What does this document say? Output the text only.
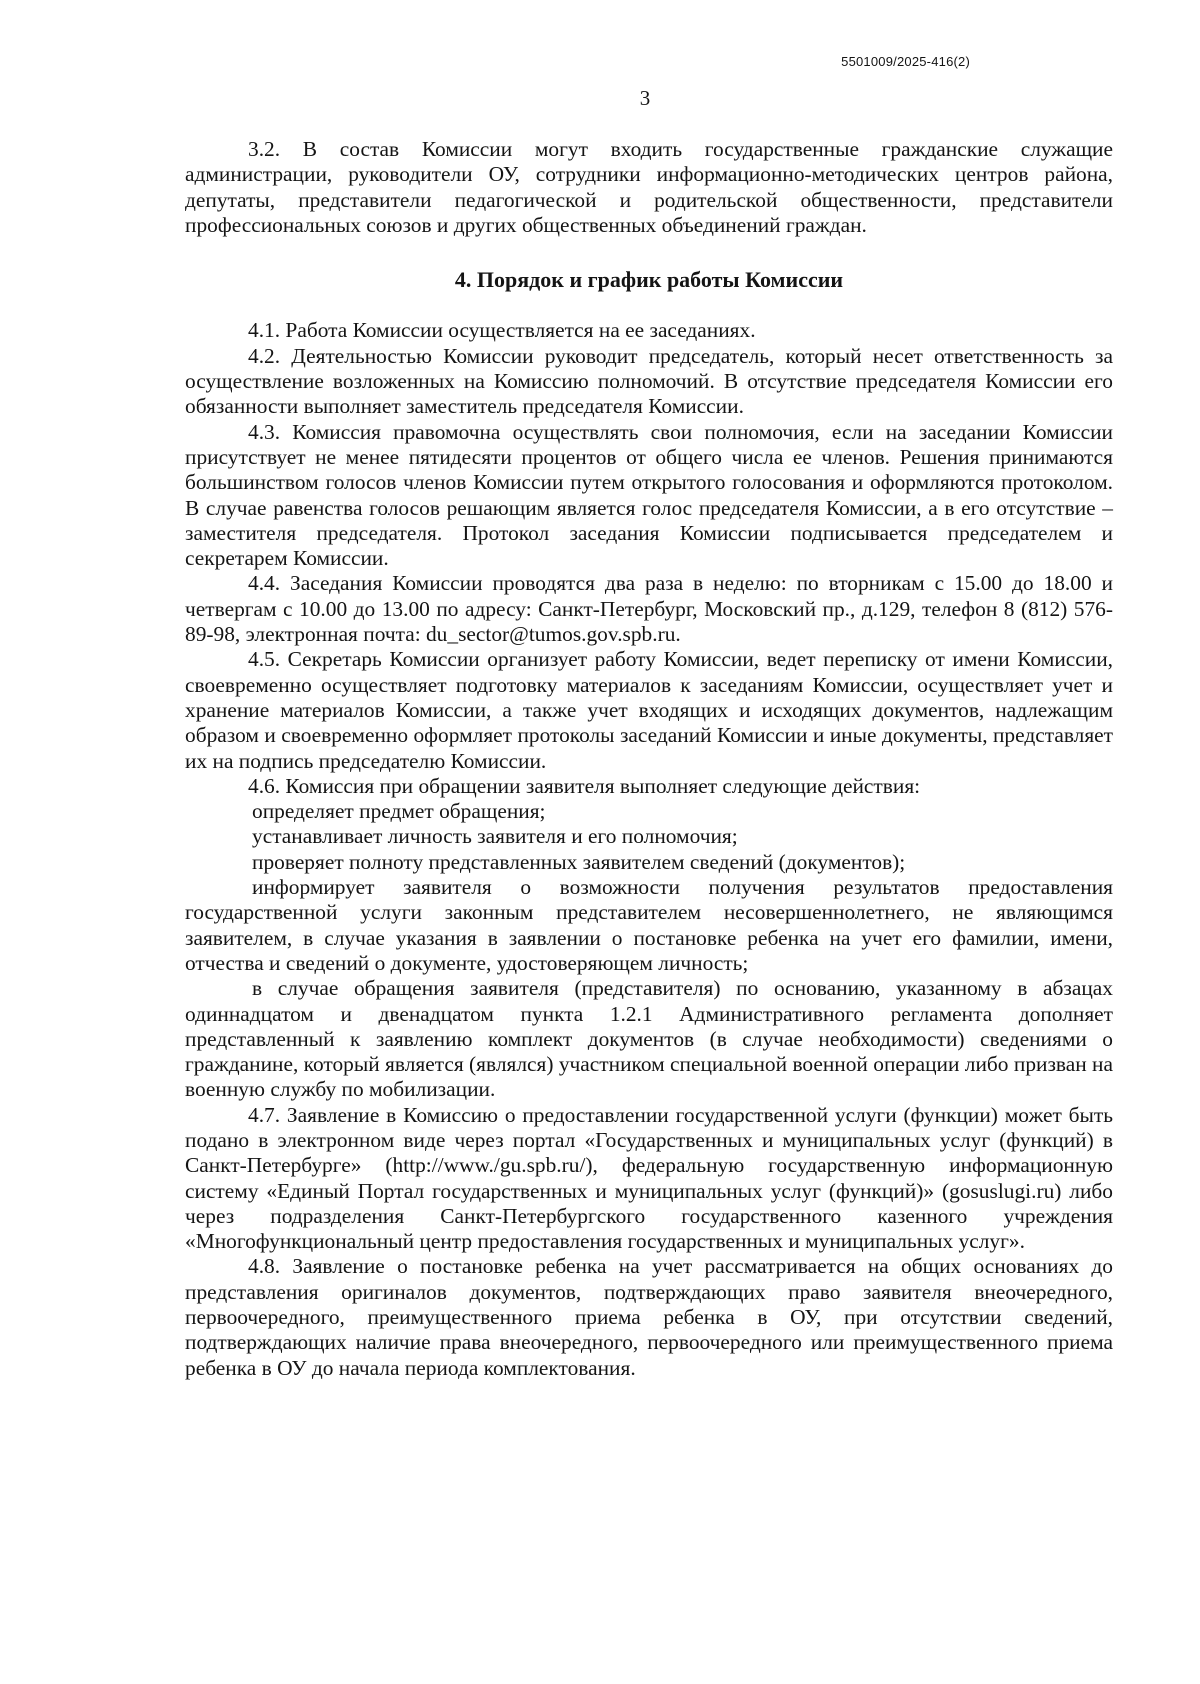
5501009/2025-416(2)
3

3.2. В состав Комиссии могут входить государственные гражданские служащие администрации, руководители ОУ, сотрудники информационно-методических центров района, депутаты, представители педагогической и родительской общественности, представители профессиональных союзов и других общественных объединений граждан.

4. Порядок и график работы Комиссии

4.1. Работа Комиссии осуществляется на ее заседаниях.

4.2. Деятельностью Комиссии руководит председатель, который несет ответственность за осуществление возложенных на Комиссию полномочий. В отсутствие председателя Комиссии его обязанности выполняет заместитель председателя Комиссии.

4.3. Комиссия правомочна осуществлять свои полномочия, если на заседании Комиссии присутствует не менее пятидесяти процентов от общего числа ее членов. Решения принимаются большинством голосов членов Комиссии путем открытого голосования и оформляются протоколом. В случае равенства голосов решающим является голос председателя Комиссии, а в его отсутствие – заместителя председателя. Протокол заседания Комиссии подписывается председателем и секретарем Комиссии.

4.4. Заседания Комиссии проводятся два раза в неделю: по вторникам с 15.00 до 18.00 и четвергам с 10.00 до 13.00 по адресу: Санкт-Петербург, Московский пр., д.129, телефон 8 (812) 576-89-98, электронная почта: du_sector@tumos.gov.spb.ru.

4.5. Секретарь Комиссии организует работу Комиссии, ведет переписку от имени Комиссии, своевременно осуществляет подготовку материалов к заседаниям Комиссии, осуществляет учет и хранение материалов Комиссии, а также учет входящих и исходящих документов, надлежащим образом и своевременно оформляет протоколы заседаний Комиссии и иные документы, представляет их на подпись председателю Комиссии.

4.6. Комиссия при обращении заявителя выполняет следующие действия:

определяет предмет обращения;

устанавливает личность заявителя и его полномочия;

проверяет полноту представленных заявителем сведений (документов);

информирует заявителя о возможности получения результатов предоставления государственной услуги законным представителем несовершеннолетнего, не являющимся заявителем, в случае указания в заявлении о постановке ребенка на учет его фамилии, имени, отчества и сведений о документе, удостоверяющем личность;

в случае обращения заявителя (представителя) по основанию, указанному в абзацах одиннадцатом и двенадцатом пункта 1.2.1 Административного регламента дополняет представленный к заявлению комплект документов (в случае необходимости) сведениями о гражданине, который является (являлся) участником специальной военной операции либо призван на военную службу по мобилизации.

4.7. Заявление в Комиссию о предоставлении государственной услуги (функции) может быть подано в электронном виде через портал «Государственных и муниципальных услуг (функций) в Санкт-Петербурге» (http://www./gu.spb.ru/), федеральную государственную информационную систему «Единый Портал государственных и муниципальных услуг (функций)» (gosuslugi.ru) либо через подразделения Санкт-Петербургского государственного казенного учреждения «Многофункциональный центр предоставления государственных и муниципальных услуг».

4.8. Заявление о постановке ребенка на учет рассматривается на общих основаниях до представления оригиналов документов, подтверждающих право заявителя внеочередного, первоочередного, преимущественного приема ребенка в ОУ, при отсутствии сведений, подтверждающих наличие права внеочередного, первоочередного или преимущественного приема ребенка в ОУ до начала периода комплектования.
